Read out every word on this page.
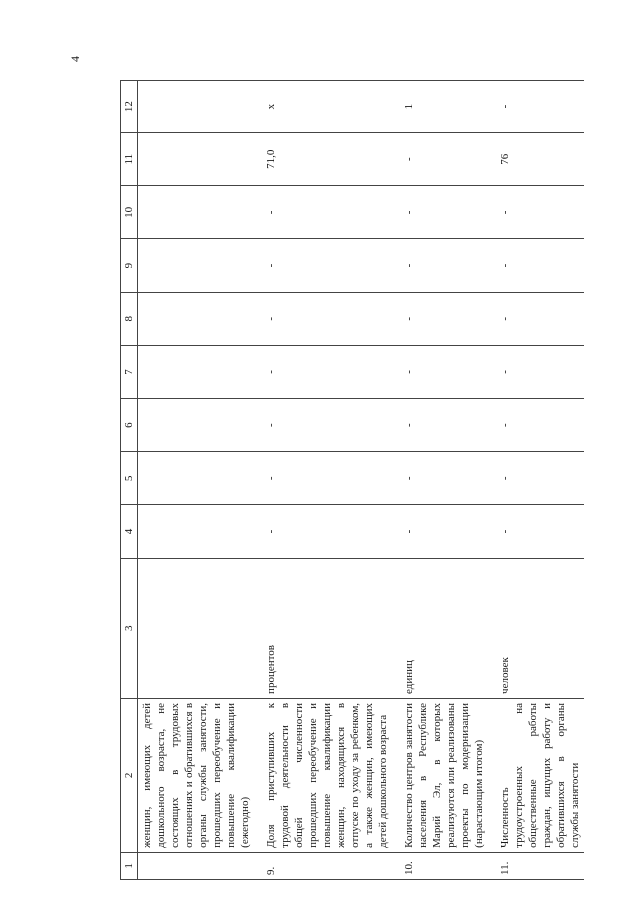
4
1	2	3	4	5	6	7	8	9	10	11	12
	женщин, имеющих детей дошкольного возраста, не состоящих в трудовых отношениях и обратившихся в органы службы занятости, прошедших переобучение и повышение квалификации (ежегодно)										
9.	Доля приступивших к трудовой деятельности в общей численности прошедших переобучение и повышение квалификации женщин, находящихся в отпуске по уходу за ребенком, а также женщин, имеющих детей дошкольного возраста	процентов	-	-	-	-	-	-	-	71,0	х
10.	Количество центров занятости населения в Республике Марий Эл, в которых реализуются или реализованы проекты по модернизации (нарастающим итогом)	единиц	-	-	-	-	-	-	-	-	1
11.	Численность трудоустроенных на общественные работы граждан, ищущих работу и обратившихся в органы службы занятости	человек	-	-	-	-	-	-	-	76	-
